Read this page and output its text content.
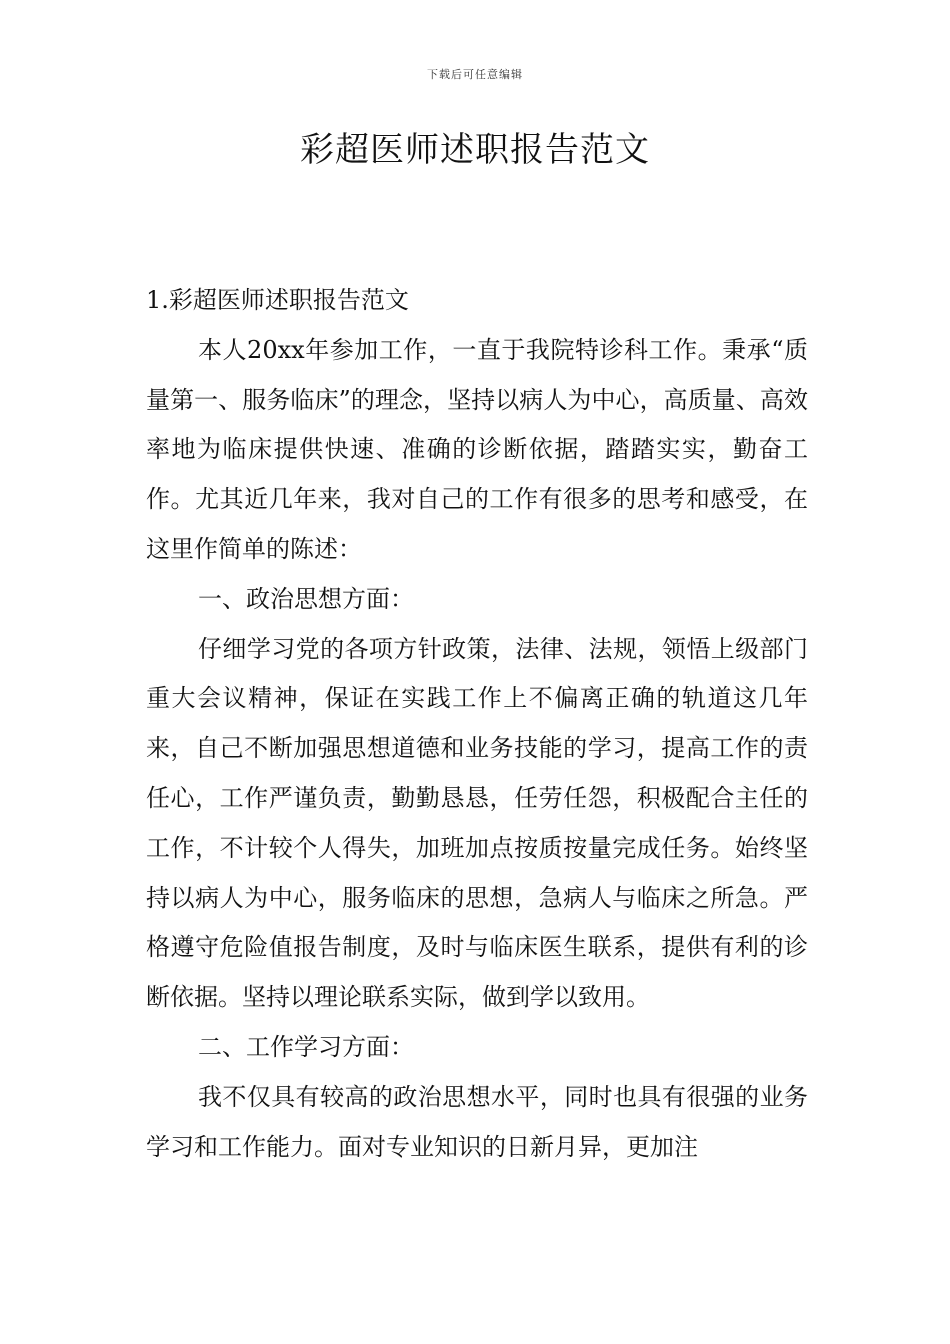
下载后可任意编辑
彩超医师述职报告范文

1.彩超医师述职报告范文

本人20xx年参加工作，一直于我院特诊科工作。秉承“质量第一、服务临床”的理念，坚持以病人为中心，高质量、高效率地为临床提供快速、准确的诊断依据，踏踏实实，勤奋工作。尤其近几年来，我对自己的工作有很多的思考和感受，在这里作简单的陈述：

一、政治思想方面：

仔细学习党的各项方针政策，法律、法规，领悟上级部门重大会议精神，保证在实践工作上不偏离正确的轨道这几年来，自己不断加强思想道德和业务技能的学习，提高工作的责任心，工作严谨负责，勤勤恳恳，任劳任怨，积极配合主任的工作，不计较个人得失，加班加点按质按量完成任务。始终坚持以病人为中心，服务临床的思想，急病人与临床之所急。严格遵守危险值报告制度，及时与临床医生联系，提供有利的诊断依据。坚持以理论联系实际，做到学以致用。

二、工作学习方面：

我不仅具有较高的政治思想水平，同时也具有很强的业务学习和工作能力。面对专业知识的日新月异，更加注
